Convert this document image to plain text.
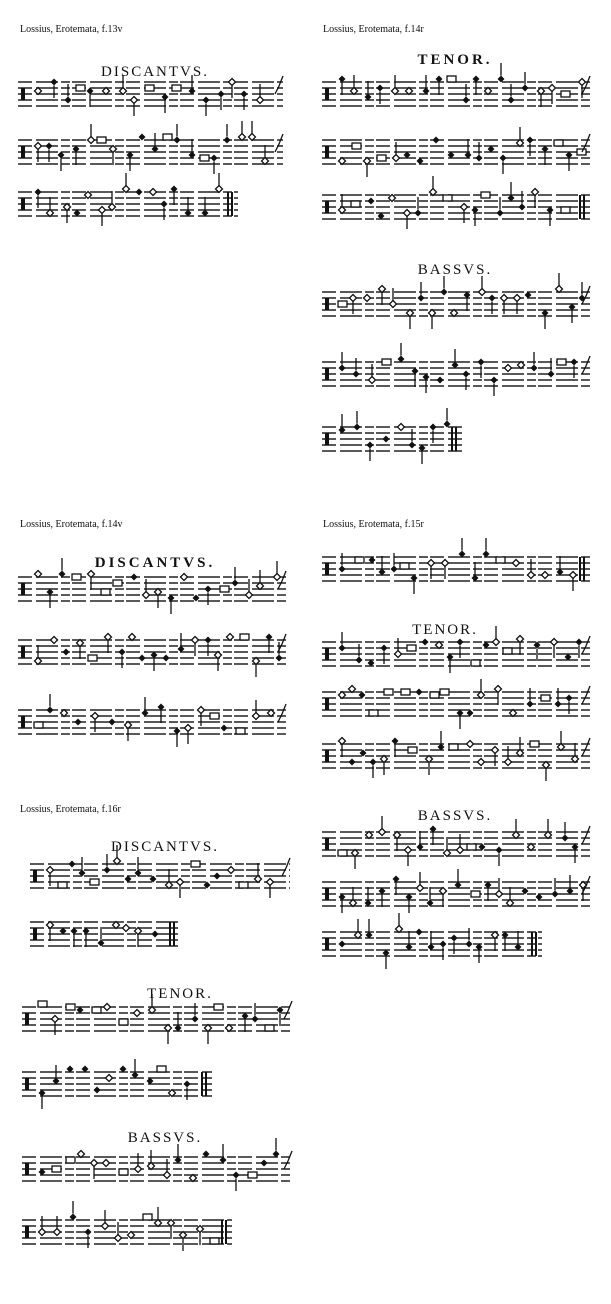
Lossius, Erotemata, f.13v	Lossius, Erotemata, f.14r
Lossius, Erotemata, f.14v	Lossius, Erotemata, f.15r
Lossius, Erotemata, f.16r
DISCANTVS.
TENOR.
BASSVS.
DISCANTVS.
TENOR.
BASSVS.
DISCANTVS.
TENOR.
BASSVS.
